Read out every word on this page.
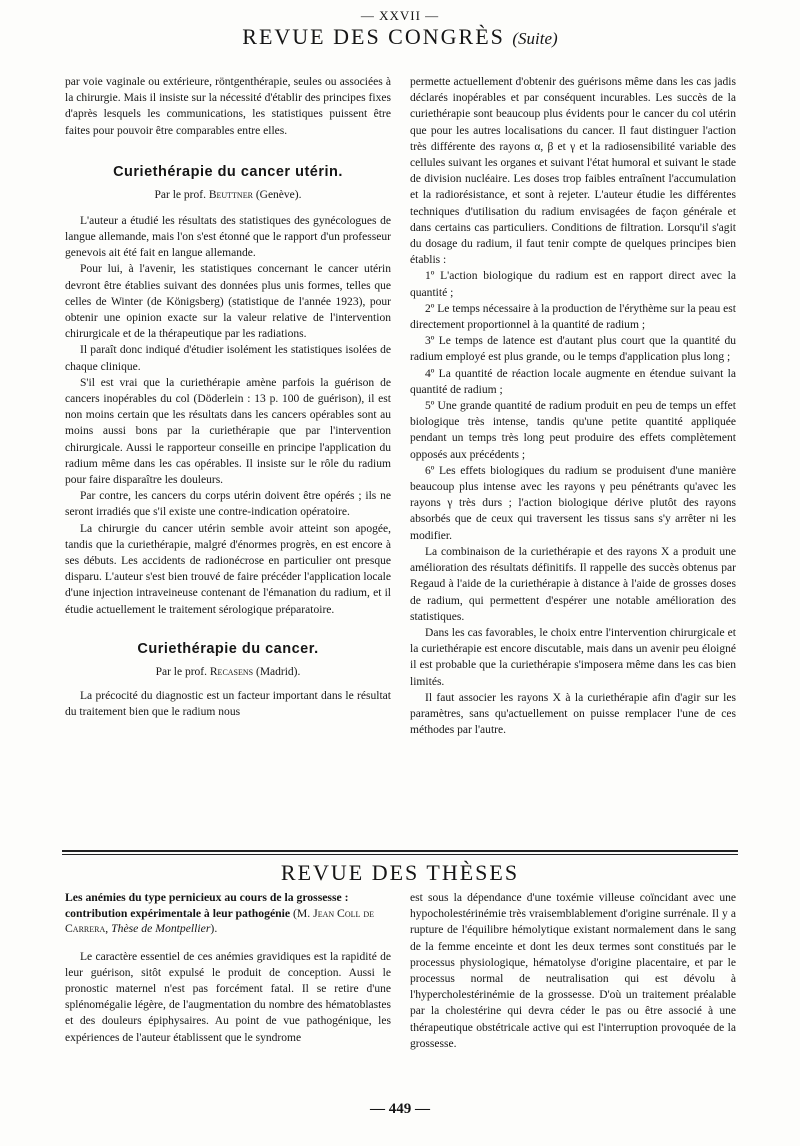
— XXVII —
REVUE DES CONGRÈS (Suite)

par voie vaginale ou extérieure, röntgenthérapie, seules ou associées à la chirurgie. Mais il insiste sur la nécessité d'établir des principes fixes d'après lesquels les communications, les statistiques puissent être faites pour pouvoir être comparables entre elles.

Curiethérapie du cancer utérin.
Par le prof. Beuttner (Genève).

L'auteur a étudié les résultats des statistiques des gynécologues de langue allemande, mais l'on s'est étonné que le rapport d'un professeur genevois ait été fait en langue allemande.

Pour lui, à l'avenir, les statistiques concernant le cancer utérin devront être établies suivant des données plus unis formes, telles que celles de Winter (de Königsberg) (statistique de l'année 1923), pour obtenir une opinion exacte sur la valeur relative de l'intervention chirurgicale et de la thérapeutique par les radiations.

Il paraît donc indiqué d'étudier isolément les statistiques isolées de chaque clinique.

S'il est vrai que la curiethérapie amène parfois la guérison de cancers inopérables du col (Döderlein : 13 p. 100 de guérison), il est non moins certain que les résultats dans les cancers opérables sont au moins aussi bons par la curiethérapie que par l'intervention chirurgicale. Aussi le rapporteur conseille en principe l'application du radium même dans les cas opérables. Il insiste sur le rôle du radium pour faire disparaître les douleurs.

Par contre, les cancers du corps utérin doivent être opérés ; ils ne seront irradiés que s'il existe une contre-indication opératoire.

La chirurgie du cancer utérin semble avoir atteint son apogée, tandis que la curiethérapie, malgré d'énormes progrès, en est encore à ses débuts. Les accidents de radionécrose en particulier ont presque disparu. L'auteur s'est bien trouvé de faire précéder l'application locale d'une injection intraveineuse contenant de l'émanation du radium, et il étudie actuellement le traitement sérologique préparatoire.

Curiethérapie du cancer.
Par le prof. Recasens (Madrid).

La précocité du diagnostic est un facteur important dans le résultat du traitement bien que le radium nous

permette actuellement d'obtenir des guérisons même dans les cas jadis déclarés inopérables et par conséquent incurables. Les succès de la curiethérapie sont beaucoup plus évidents pour le cancer du col utérin que pour les autres localisations du cancer. Il faut distinguer l'action très différente des rayons α, β et γ et la radiosensibilité variable des cellules suivant les organes et suivant l'état humoral et suivant le stade de division nucléaire. Les doses trop faibles entraînent l'accumulation et la radiorésistance, et sont à rejeter. L'auteur étudie les différentes techniques d'utilisation du radium envisagées de façon générale et dans certains cas particuliers. Conditions de filtration. Lorsqu'il s'agit du dosage du radium, il faut tenir compte de quelques principes bien établis :

1º L'action biologique du radium est en rapport direct avec la quantité ;

2º Le temps nécessaire à la production de l'érythème sur la peau est directement proportionnel à la quantité de radium ;

3º Le temps de latence est d'autant plus court que la quantité du radium employé est plus grande, ou le temps d'application plus long ;

4º La quantité de réaction locale augmente en étendue suivant la quantité de radium ;

5º Une grande quantité de radium produit en peu de temps un effet biologique très intense, tandis qu'une petite quantité appliquée pendant un temps très long peut produire des effets complètement opposés aux précédents ;

6º Les effets biologiques du radium se produisent d'une manière beaucoup plus intense avec les rayons γ peu pénétrants qu'avec les rayons γ très durs ; l'action biologique dérive plutôt des rayons absorbés que de ceux qui traversent les tissus sans s'y arrêter ni les modifier.

La combinaison de la curiethérapie et des rayons X a produit une amélioration des résultats définitifs. Il rappelle des succès obtenus par Regaud à l'aide de la curiethérapie à distance à l'aide de grosses doses de radium, qui permettent d'espérer une notable amélioration des statistiques.

Dans les cas favorables, le choix entre l'intervention chirurgicale et la curiethérapie est encore discutable, mais dans un avenir peu éloigné il est probable que la curiethérapie s'imposera même dans les cas bien limités.

Il faut associer les rayons X à la curiethérapie afin d'agir sur les paramètres, sans qu'actuellement on puisse remplacer l'une de ces méthodes par l'autre.

REVUE DES THÈSES
Les anémies du type pernicieux au cours de la grossesse : contribution expérimentale à leur pathogénie (M. Jean Coll de Carrera, Thèse de Montpellier).

Le caractère essentiel de ces anémies gravidiques est la rapidité de leur guérison, sitôt expulsé le produit de conception. Aussi le pronostic maternel n'est pas forcément fatal. Il se retire d'une splénomégalie légère, de l'augmentation du nombre des hématoblastes et des douleurs épiphysaires. Au point de vue pathogénique, les expériences de l'auteur établissent que le syndrome

est sous la dépendance d'une toxémie villeuse coïncidant avec une hypocholestérinémie très vraisemblablement d'origine surrénale. Il y a rupture de l'équilibre hémolytique existant normalement dans le sang de la femme enceinte et dont les deux termes sont constitués par le processus physiologique, hématolyse d'origine placentaire, et par le processus normal de neutralisation qui est dévolu à l'hypercholestérinémie de la grossesse. D'où un traitement préalable par la cholestérine qui devra céder le pas ou être associé à une thérapeutique obstétricale active qui est l'interruption provoquée de la grossesse.

— 449 —
